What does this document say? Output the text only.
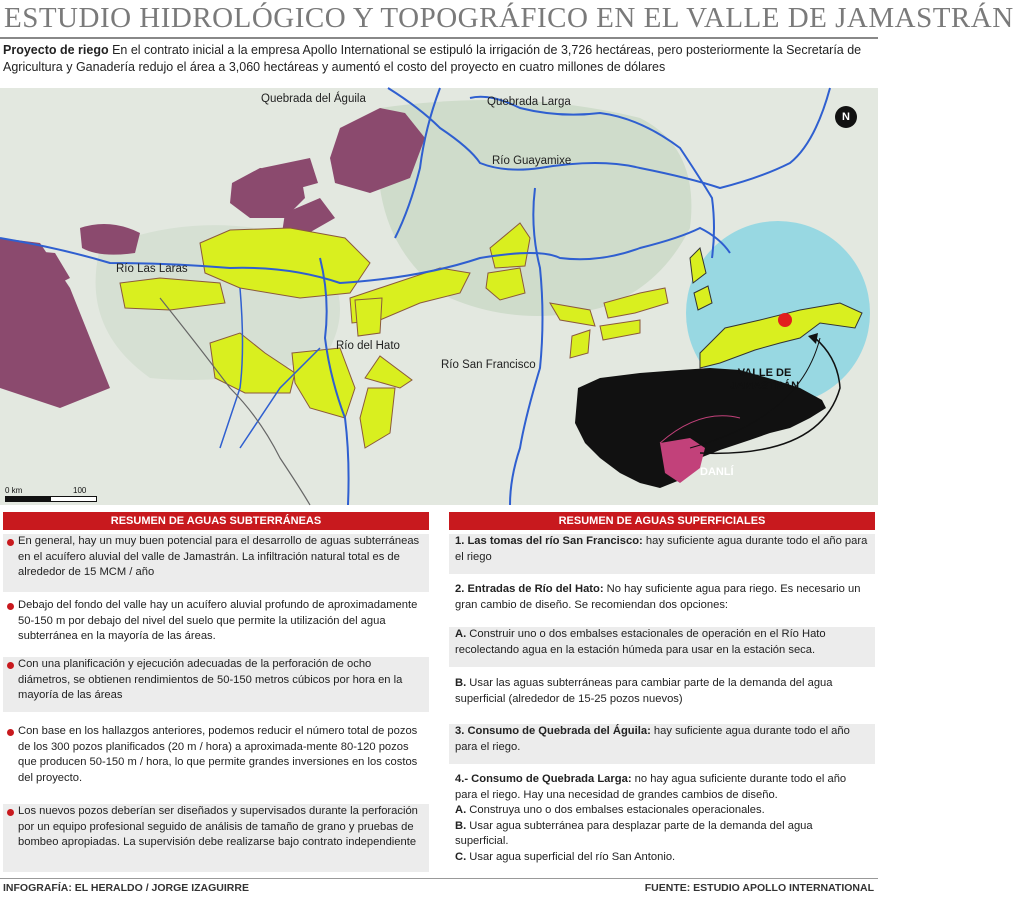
ESTUDIO HIDROLÓGICO Y TOPOGRÁFICO EN EL VALLE DE JAMASTRÁN
Proyecto de riego En el contrato inicial a la empresa Apollo International se estipuló la irrigación de 3,726 hectáreas, pero posteriormente la Secretaría de Agricultura y Ganadería redujo el área a 3,060 hectáreas y aumentó el costo del proyecto en cuatro millones de dólares
Quebrada del Águila	Quebrada Larga
Río Guayamixe
Río Las Laras
Río del Hato
Río San Francisco
VALLE DE
JAMASTRÁN
DANLÍ
N
0 km	100
RESUMEN DE AGUAS SUBTERRÁNEAS	RESUMEN DE AGUAS SUPERFICIALES
En general, hay un muy buen potencial para el desarrollo de aguas subterráneas en el acuífero aluvial del valle de Jamastrán. La infiltración natural total es de alrededor de 15 MCM / año
Debajo del fondo del valle hay un acuífero aluvial profundo de aproximadamente 50-150 m por debajo del nivel del suelo que permite la utilización del agua subterránea en la mayoría de las áreas.
Con una planificación y ejecución adecuadas de la perforación de ocho diámetros, se obtienen rendimientos de 50-150 metros cúbicos por hora en la mayoría de las áreas
Con base en los hallazgos anteriores, podemos reducir el número total de pozos de los 300 pozos planificados (20 m / hora) a aproximada-mente 80-120 pozos que producen 50-150 m / hora, lo que permite grandes inversiones en los costos del proyecto.
Los nuevos pozos deberían ser diseñados y supervisados durante la perforación por un equipo profesional seguido de análisis de tamaño de grano y pruebas de bombeo apropiadas. La supervisión debe realizarse bajo contrato independiente
1. Las tomas del río San Francisco: hay suficiente agua durante todo el año para el riego
2. Entradas de Río del Hato: No hay suficiente agua para riego. Es necesario un gran cambio de diseño. Se recomiendan dos opciones:
A. Construir uno o dos embalses estacionales de operación en el Río Hato recolectando agua en la estación húmeda para usar en la estación seca.
B. Usar las aguas subterráneas para cambiar parte de la demanda del agua superficial (alrededor de 15-25 pozos nuevos)
3. Consumo de Quebrada del Águila: hay suficiente agua durante todo el año para el riego.
4.- Consumo de Quebrada Larga: no hay agua suficiente durante todo el año para el riego. Hay una necesidad de grandes cambios de diseño.
A. Construya uno o dos embalses estacionales operacionales.
B. Usar agua subterránea para desplazar parte de la demanda del agua superficial.
C. Usar agua superficial del río San Antonio.
INFOGRAFÍA: EL HERALDO / JORGE IZAGUIRRE	FUENTE: ESTUDIO APOLLO INTERNATIONAL
